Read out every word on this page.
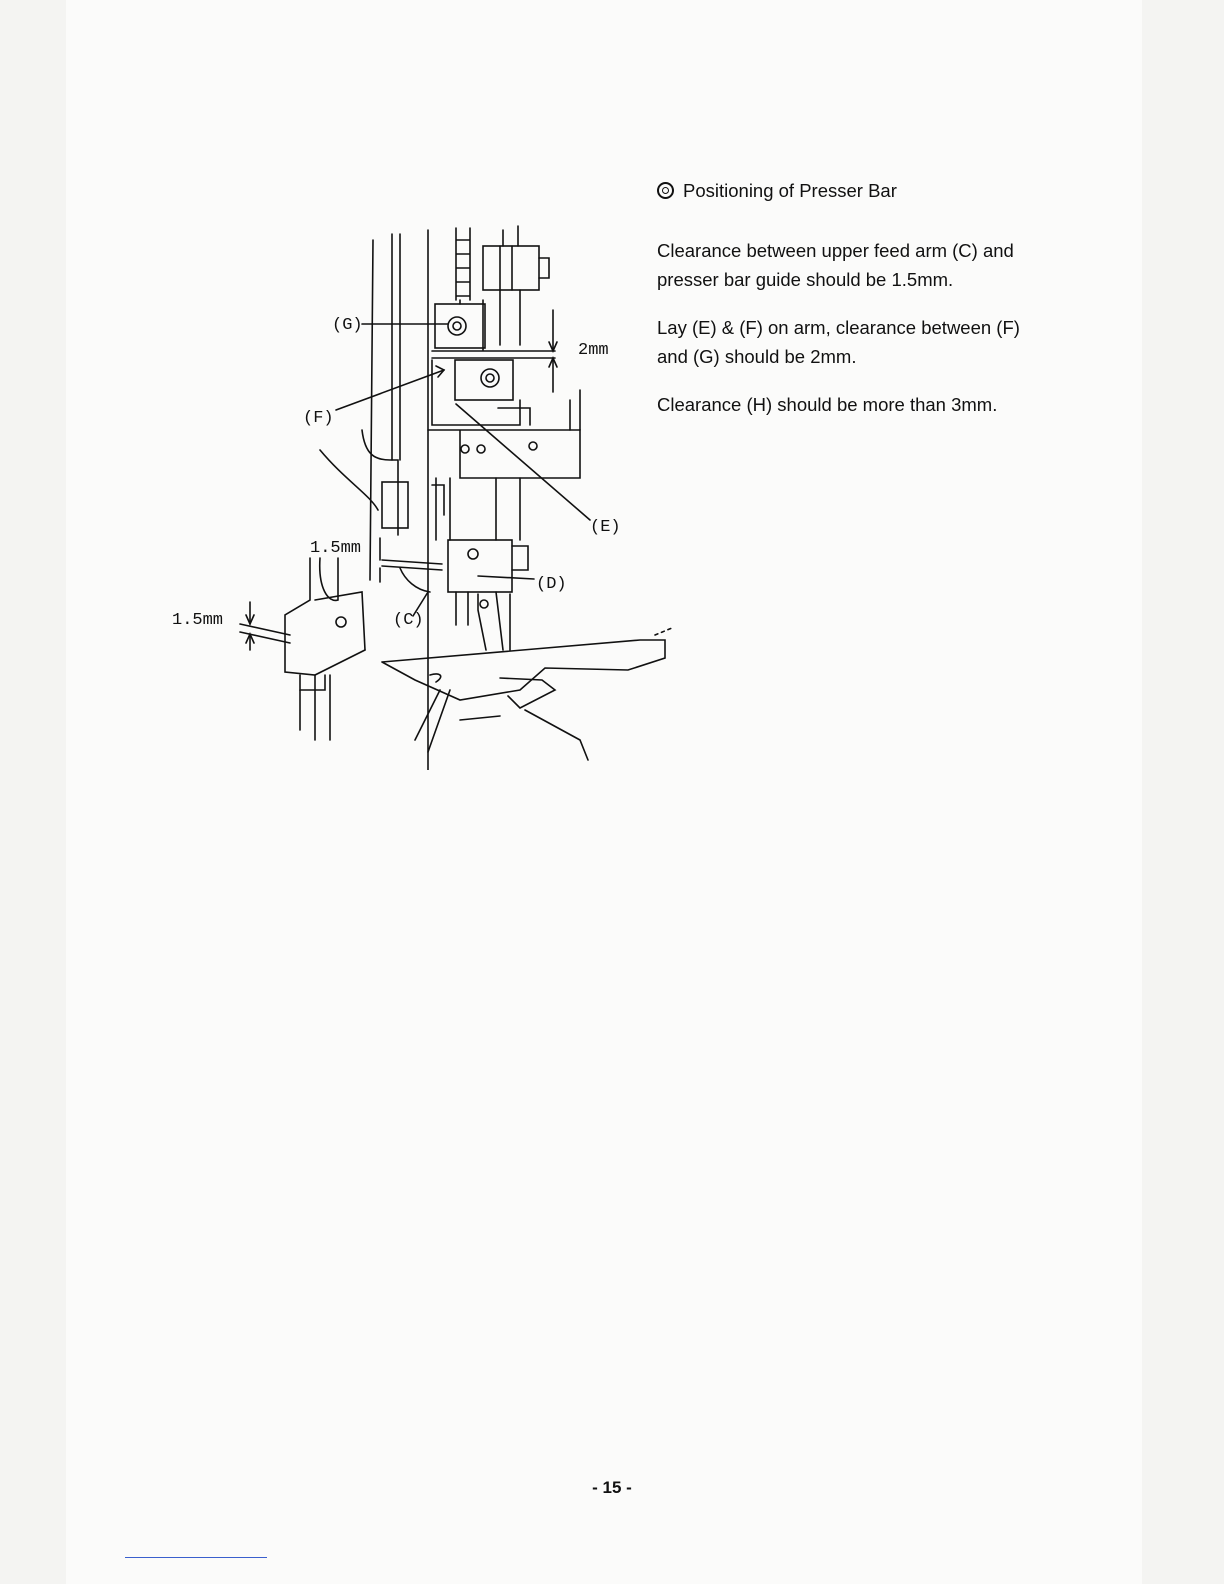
(G)
(F)
(E)
(D)
(C)
2mm
1.5mm
1.5mm
Positioning of Presser Bar

Clearance between upper feed arm (C) and presser bar guide should be 1.5mm.

Lay (E) & (F) on arm, clearance between (F) and (G) should be 2mm.

Clearance (H) should be more than 3mm.

- 15 -
